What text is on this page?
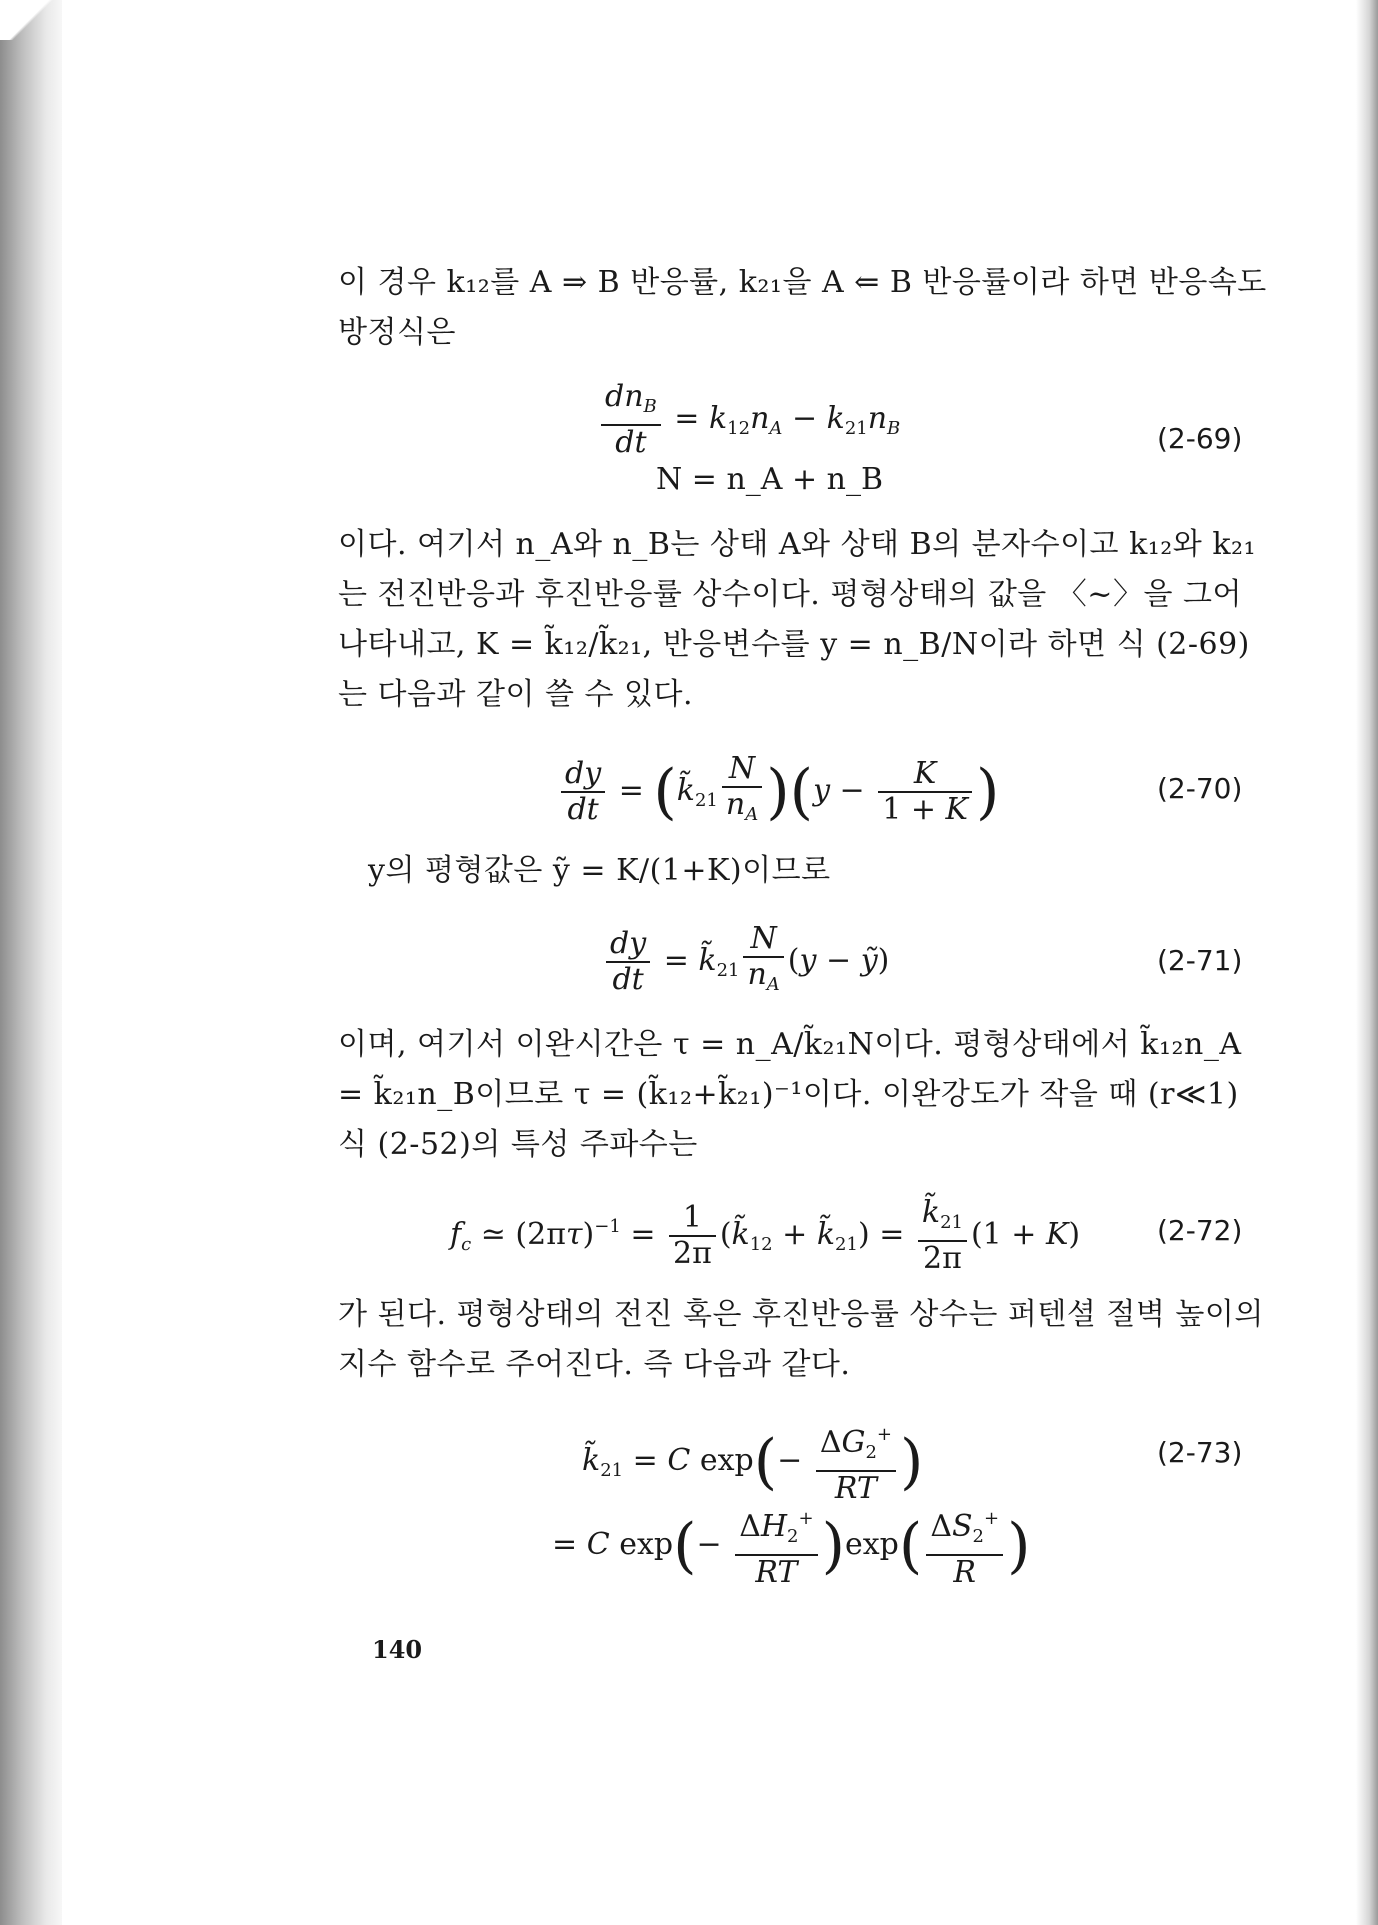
이 경우 k₁₂를 A ⇒ B 반응률, k₂₁을 A ⇐ B 반응률이라 하면 반응속도 방정식은
$\frac{dn_B}{dt} = k_{12}n_A - k_{21}n_B$	(2-69)
N = n_A + n_B
이다. 여기서 n_A와 n_B는 상태 A와 상태 B의 분자수이고 k₁₂와 k₂₁는 전진반응과 후진반응률 상수이다. 평형상태의 값을 〈~〉을 그어 나타내고, K = k̃₁₂/k̃₂₁, 반응변수를 y = n_B/N이라 하면 식 (2-69)는 다음과 같이 쓸 수 있다.
$\frac{dy}{dt}$ = $(k̃_{21} \frac{N}{n_A} )(y - \frac{K}{1 + K}$ )	(2-70)
y의 평형값은 ỹ = K/(1+K)이므로
$\frac{dy}{dt}$ = $k̃_{21} \frac{N}{n_A} (y$ − ỹ)	(2-71)
이며, 여기서 이완시간은 τ = n_A/k̃₂₁N이다. 평형상태에서 k̃₁₂n_A = k̃₂₁n_B이므로 τ = (k̃₁₂+k̃₂₁)⁻¹이다. 이완강도가 작을 때 (r≪1) 식 (2-52)의 특성 주파수는
$f_c$ ≃ $(2\pi\tau)^{-1} = \frac{1}{2\pi}$ ($k̃_{12}$ + $k̃_{21}) = \frac{k̃_{21}}{2\pi} (1 + K)$	(2-72)
가 된다. 평형상태의 전진 혹은 후진반응률 상수는 퍼텐셜 절벽 높이의 지수 함수로 주어진다. 즉 다음과 같다.
$k̃_{21} = C$ $\exp(- \frac{\Delta G_2^+}{RT}$ )	(2-73)
= C $\exp(- \frac{\Delta H_2^+}{RT} )\exp( \frac{\Delta S_2^+}{R}$ )
140
